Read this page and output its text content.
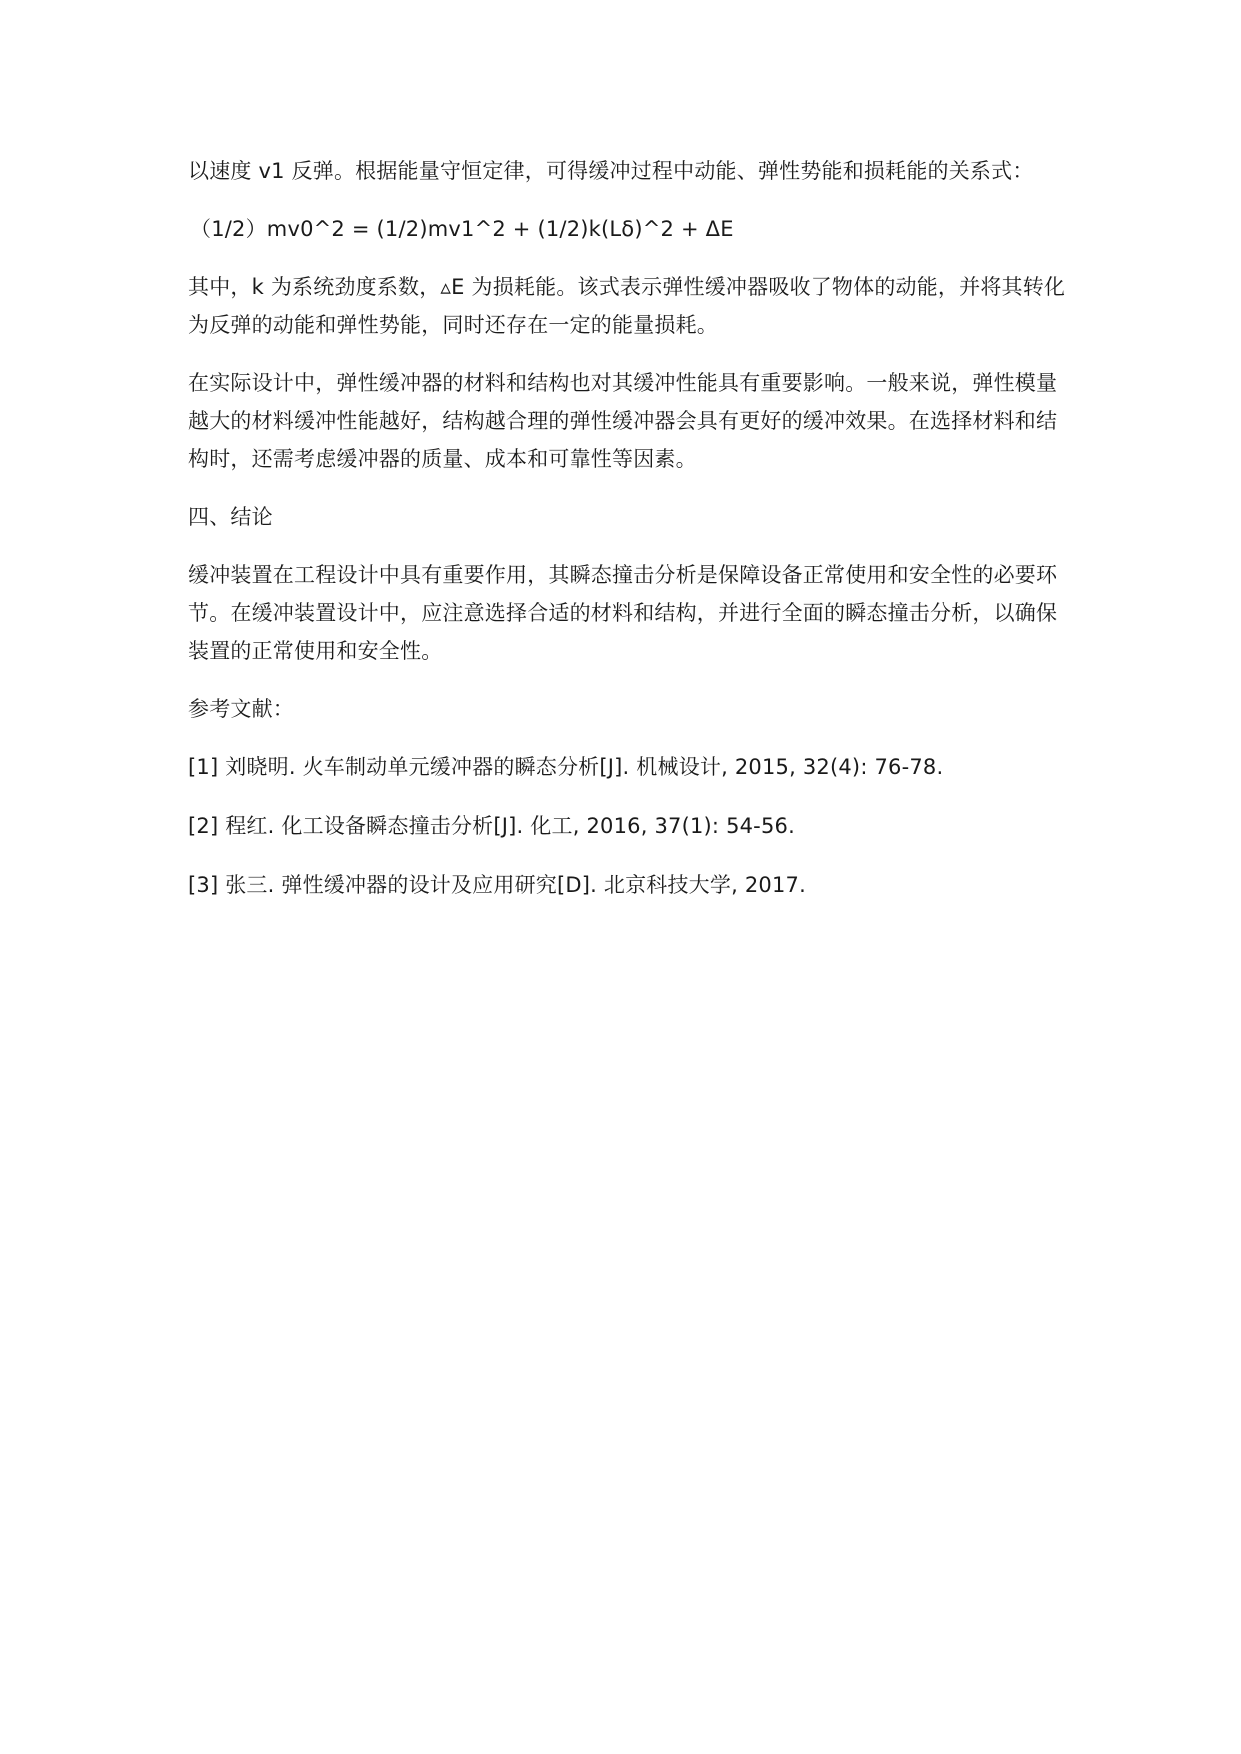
以速度 v1 反弹。根据能量守恒定律，可得缓冲过程中动能、弹性势能和损耗能的关系式：

（1/2）mv0^2 = (1/2)mv1^2 + (1/2)k(Lδ)^2 + ΔE

其中，k 为系统劲度系数，▵E 为损耗能。该式表示弹性缓冲器吸收了物体的动能，并将其转化为反弹的动能和弹性势能，同时还存在一定的能量损耗。

在实际设计中，弹性缓冲器的材料和结构也对其缓冲性能具有重要影响。一般来说，弹性模量越大的材料缓冲性能越好，结构越合理的弹性缓冲器会具有更好的缓冲效果。在选择材料和结构时，还需考虑缓冲器的质量、成本和可靠性等因素。

四、结论

缓冲装置在工程设计中具有重要作用，其瞬态撞击分析是保障设备正常使用和安全性的必要环节。在缓冲装置设计中，应注意选择合适的材料和结构，并进行全面的瞬态撞击分析，以确保装置的正常使用和安全性。

参考文献：

[1] 刘晓明. 火车制动单元缓冲器的瞬态分析[J]. 机械设计, 2015, 32(4): 76-78.

[2] 程红. 化工设备瞬态撞击分析[J]. 化工, 2016, 37(1): 54-56.

[3] 张三. 弹性缓冲器的设计及应用研究[D]. 北京科技大学, 2017.
